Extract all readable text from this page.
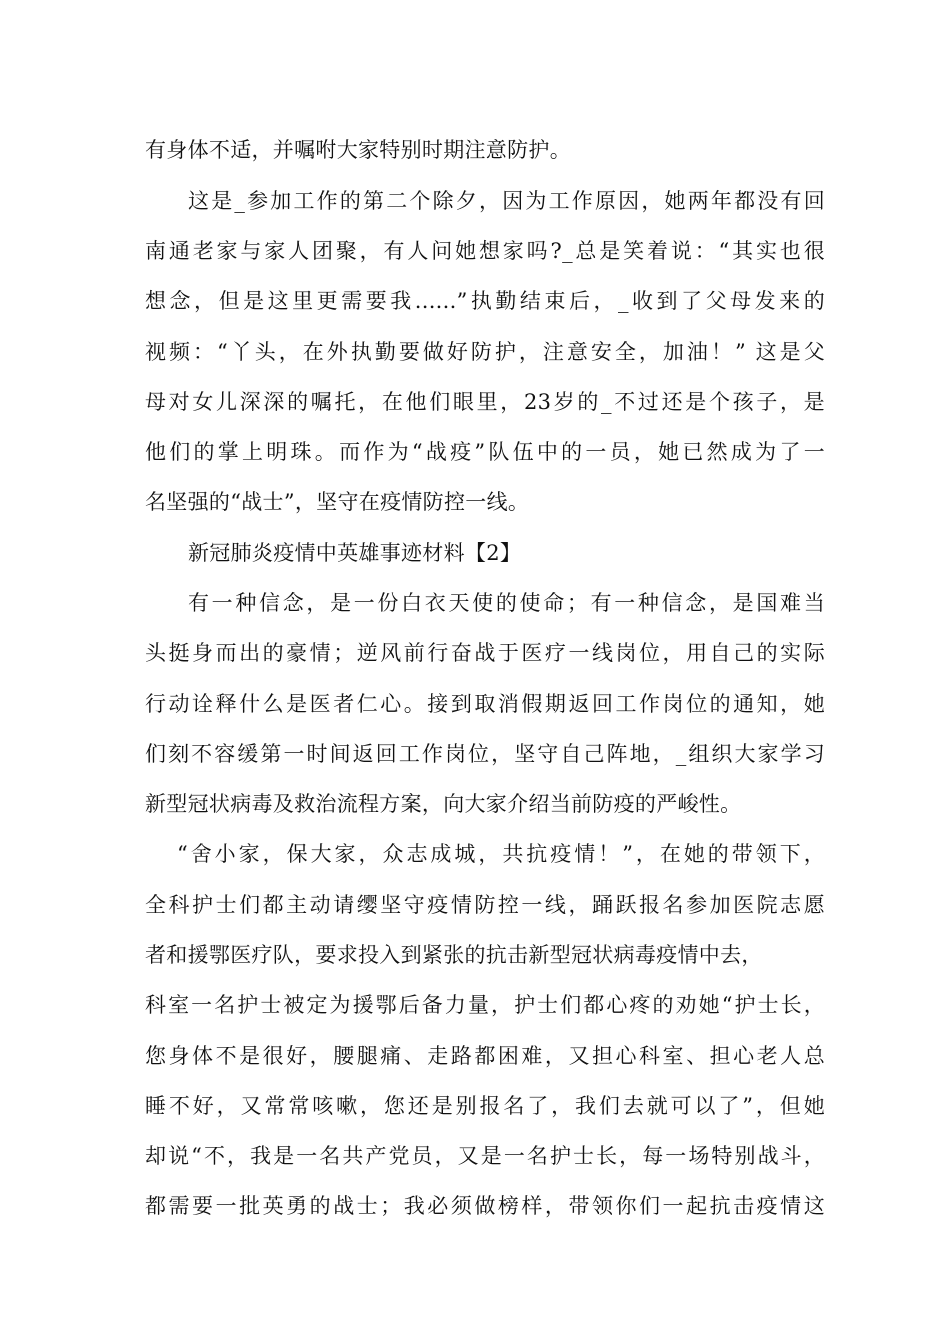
有身体不适，并嘱咐大家特别时期注意防护。
这是_参加工作的第二个除夕，因为工作原因，她两年都没有回
南通老家与家人团聚，有人问她想家吗?_总是笑着说：“其实也很
想念，但是这里更需要我......”执勤结束后，_收到了父母发来的
视频：“丫头，在外执勤要做好防护，注意安全，加油！” 这是父
母对女儿深深的嘱托，在他们眼里，23岁的_不过还是个孩子，是
他们的掌上明珠。而作为“战疫”队伍中的一员，她已然成为了一
名坚强的“战士”，坚守在疫情防控一线。
新冠肺炎疫情中英雄事迹材料【2】
有一种信念，是一份白衣天使的使命；有一种信念，是国难当
头挺身而出的豪情；逆风前行奋战于医疗一线岗位，用自己的实际
行动诠释什么是医者仁心。接到取消假期返回工作岗位的通知，她
们刻不容缓第一时间返回工作岗位，坚守自己阵地，_组织大家学习
新型冠状病毒及救治流程方案，向大家介绍当前防疫的严峻性。
“舍小家，保大家，众志成城，共抗疫情！”，在她的带领下，
全科护士们都主动请缨坚守疫情防控一线，踊跃报名参加医院志愿
者和援鄂医疗队，要求投入到紧张的抗击新型冠状病毒疫情中去，
科室一名护士被定为援鄂后备力量，护士们都心疼的劝她“护士长，
您身体不是很好，腰腿痛、走路都困难，又担心科室、担心老人总
睡不好，又常常咳嗽，您还是别报名了，我们去就可以了”，但她
却说“不，我是一名共产党员，又是一名护士长，每一场特别战斗，
都需要一批英勇的战士；我必须做榜样，带领你们一起抗击疫情这
